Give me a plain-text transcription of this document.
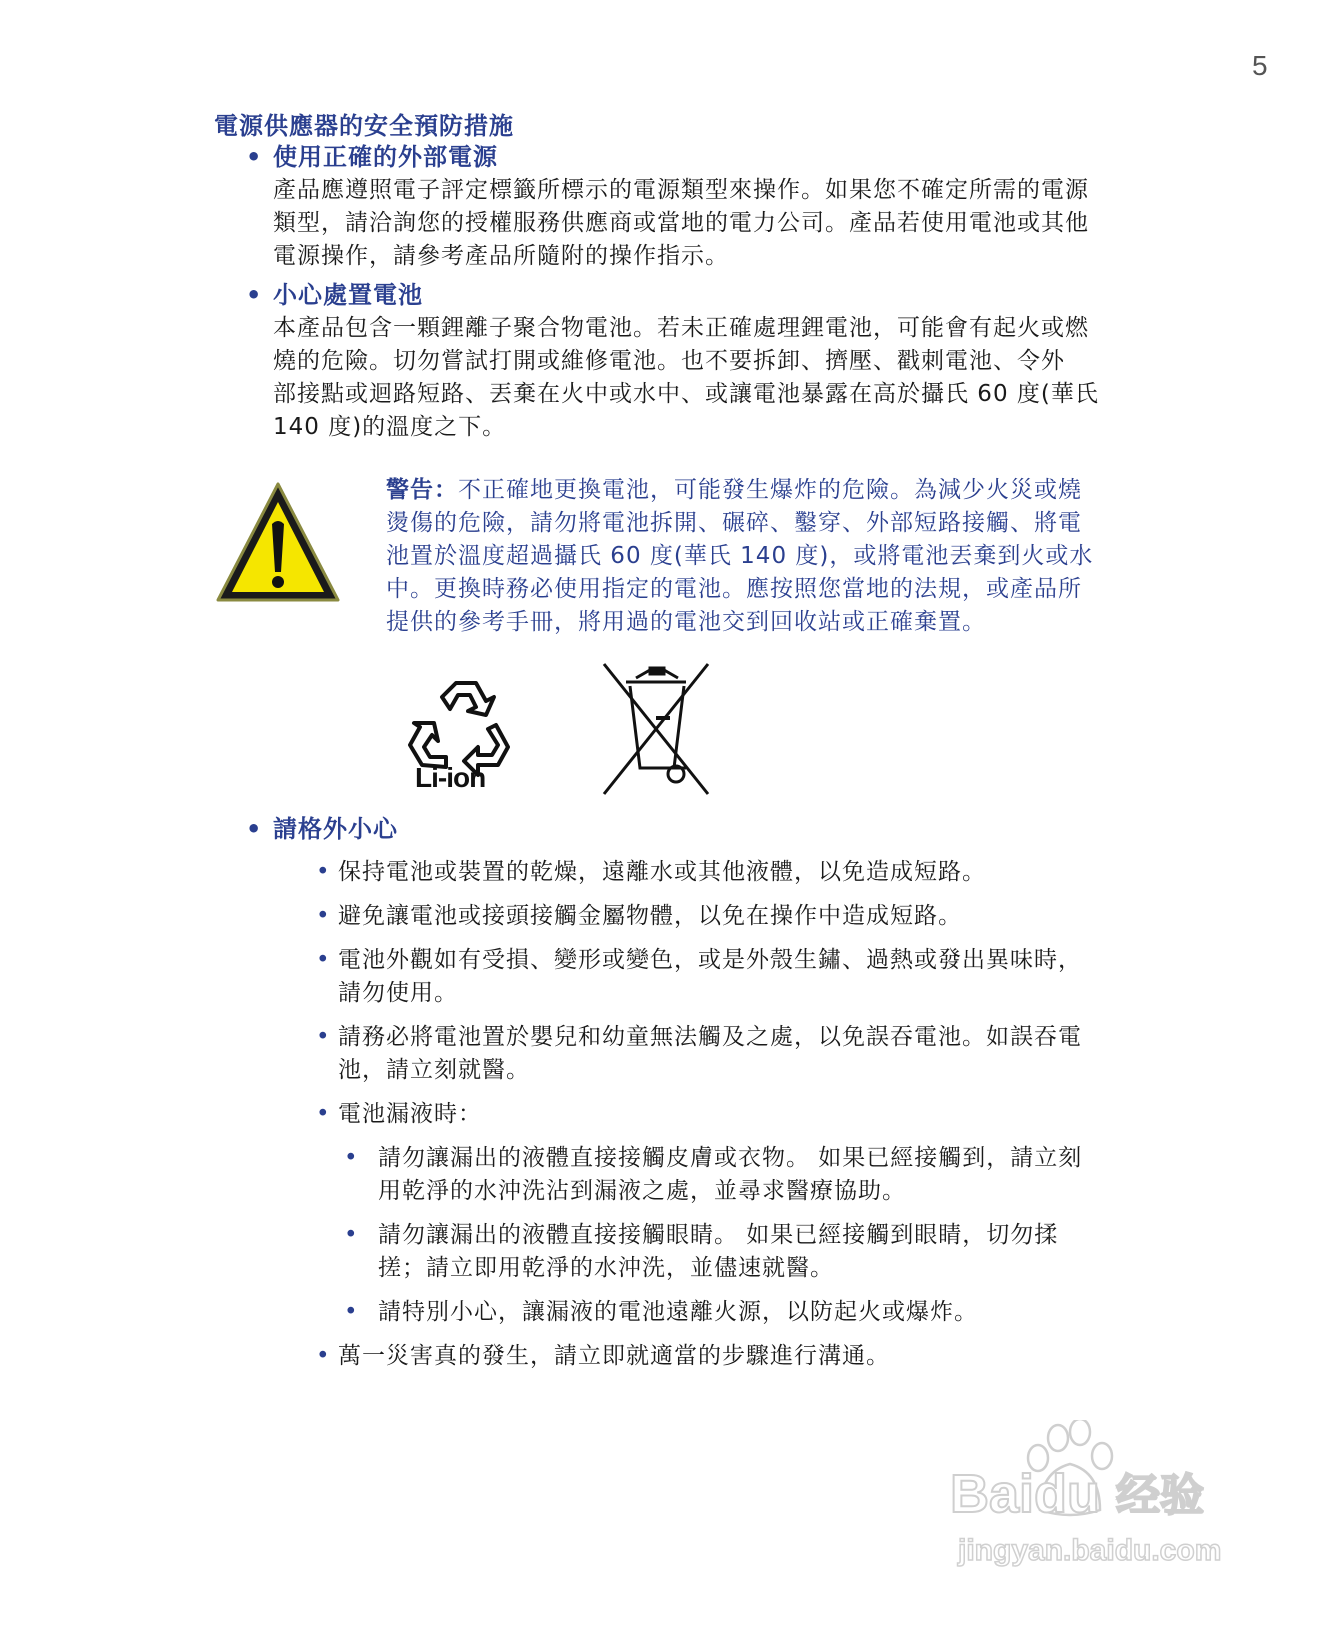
5
電源供應器的安全預防措施
• 使用正確的外部電源
產品應遵照電子評定標籤所標示的電源類型來操作。如果您不確定所需的電源
類型，請洽詢您的授權服務供應商或當地的電力公司。產品若使用電池或其他
電源操作，請參考產品所隨附的操作指示。
• 小心處置電池
本產品包含一顆鋰離子聚合物電池。若未正確處理鋰電池，可能會有起火或燃
燒的危險。切勿嘗試打開或維修電池。也不要拆卸、擠壓、戳刺電池、令外
部接點或迴路短路、丟棄在火中或水中、或讓電池暴露在高於攝氏 60 度(華氏
140 度)的溫度之下。
警告：不正確地更換電池，可能發生爆炸的危險。為減少火災或燒
燙傷的危險，請勿將電池拆開、碾碎、鑿穿、外部短路接觸、將電
池置於溫度超過攝氏 60 度(華氏 140 度)，或將電池丟棄到火或水
中。更換時務必使用指定的電池。應按照您當地的法規，或產品所
提供的參考手冊，將用過的電池交到回收站或正確棄置。
Li-ion
• 請格外小心
• 保持電池或裝置的乾燥，遠離水或其他液體，以免造成短路。
• 避免讓電池或接頭接觸金屬物體，以免在操作中造成短路。
• 電池外觀如有受損、變形或變色，或是外殼生鏽、過熱或發出異味時，
請勿使用。
• 請務必將電池置於嬰兒和幼童無法觸及之處，以免誤吞電池。如誤吞電
池，請立刻就醫。
• 電池漏液時：
• 請勿讓漏出的液體直接接觸皮膚或衣物。 如果已經接觸到，請立刻
用乾淨的水沖洗沾到漏液之處，並尋求醫療協助。
• 請勿讓漏出的液體直接接觸眼睛。 如果已經接觸到眼睛，切勿揉
搓；請立即用乾淨的水沖洗，並儘速就醫。
• 請特別小心，讓漏液的電池遠離火源，以防起火或爆炸。
• 萬一災害真的發生，請立即就適當的步驟進行溝通。
Baidu 经验
jingyan.baidu.com
